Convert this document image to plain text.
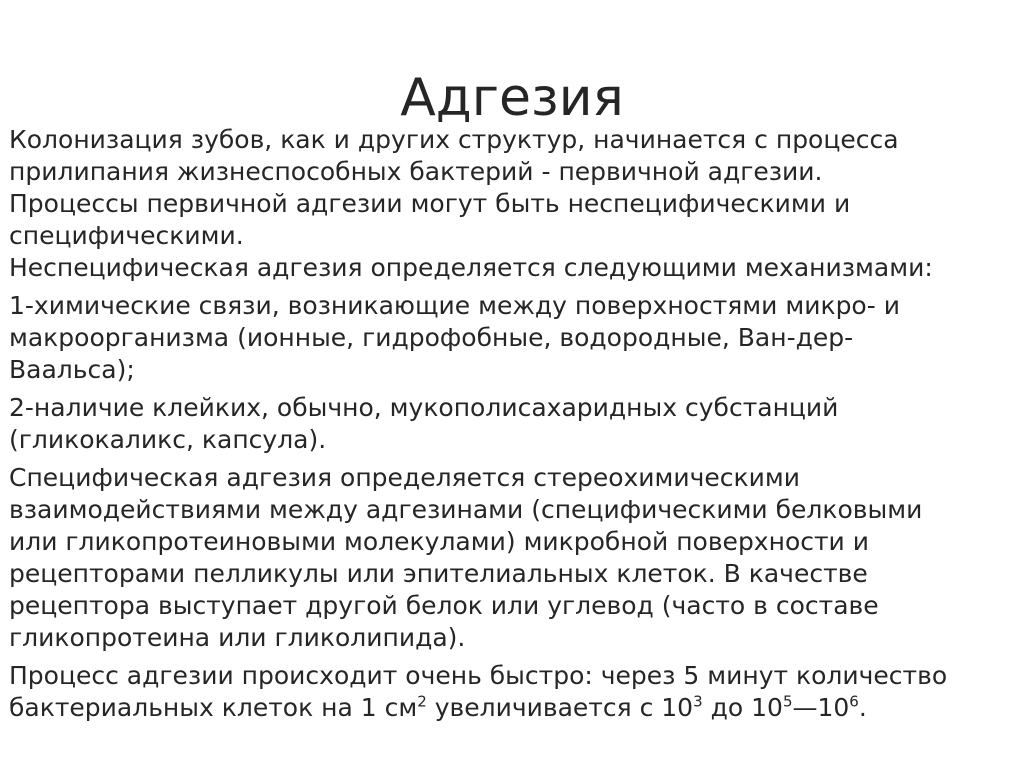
Адгезия

Колонизация зубов, как и других структур, начинается с процесса
прилипания жизнеспособных бактерий - первичной адгезии.
Процессы первичной адгезии могут быть неспецифическими и
специфическими.
Неспецифическая адгезия определяется следующими механизмами:

1-химические связи, возникающие между поверхностями микро- и
макроорганизма (ионные, гидрофобные, водородные, Ван-дер-
Ваальса);

2-наличие клейких, обычно, мукополисахаридных субстанций
(гликокаликс, капсула).

Специфическая адгезия определяется стереохимическими
взаимодействиями между адгезинами (специфическими белковыми
или гликопротеиновыми молекулами) микробной поверхности и
рецепторами пелликулы или эпителиальных клеток. В качестве
рецептора выступает другой белок или углевод (часто в составе
гликопротеина или гликолипида).

Процесс адгезии происходит очень быстро: через 5 минут количество
бактериальных клеток на 1 $см^2$ увеличивается с $10^3$ до $10^5—10^6$.
